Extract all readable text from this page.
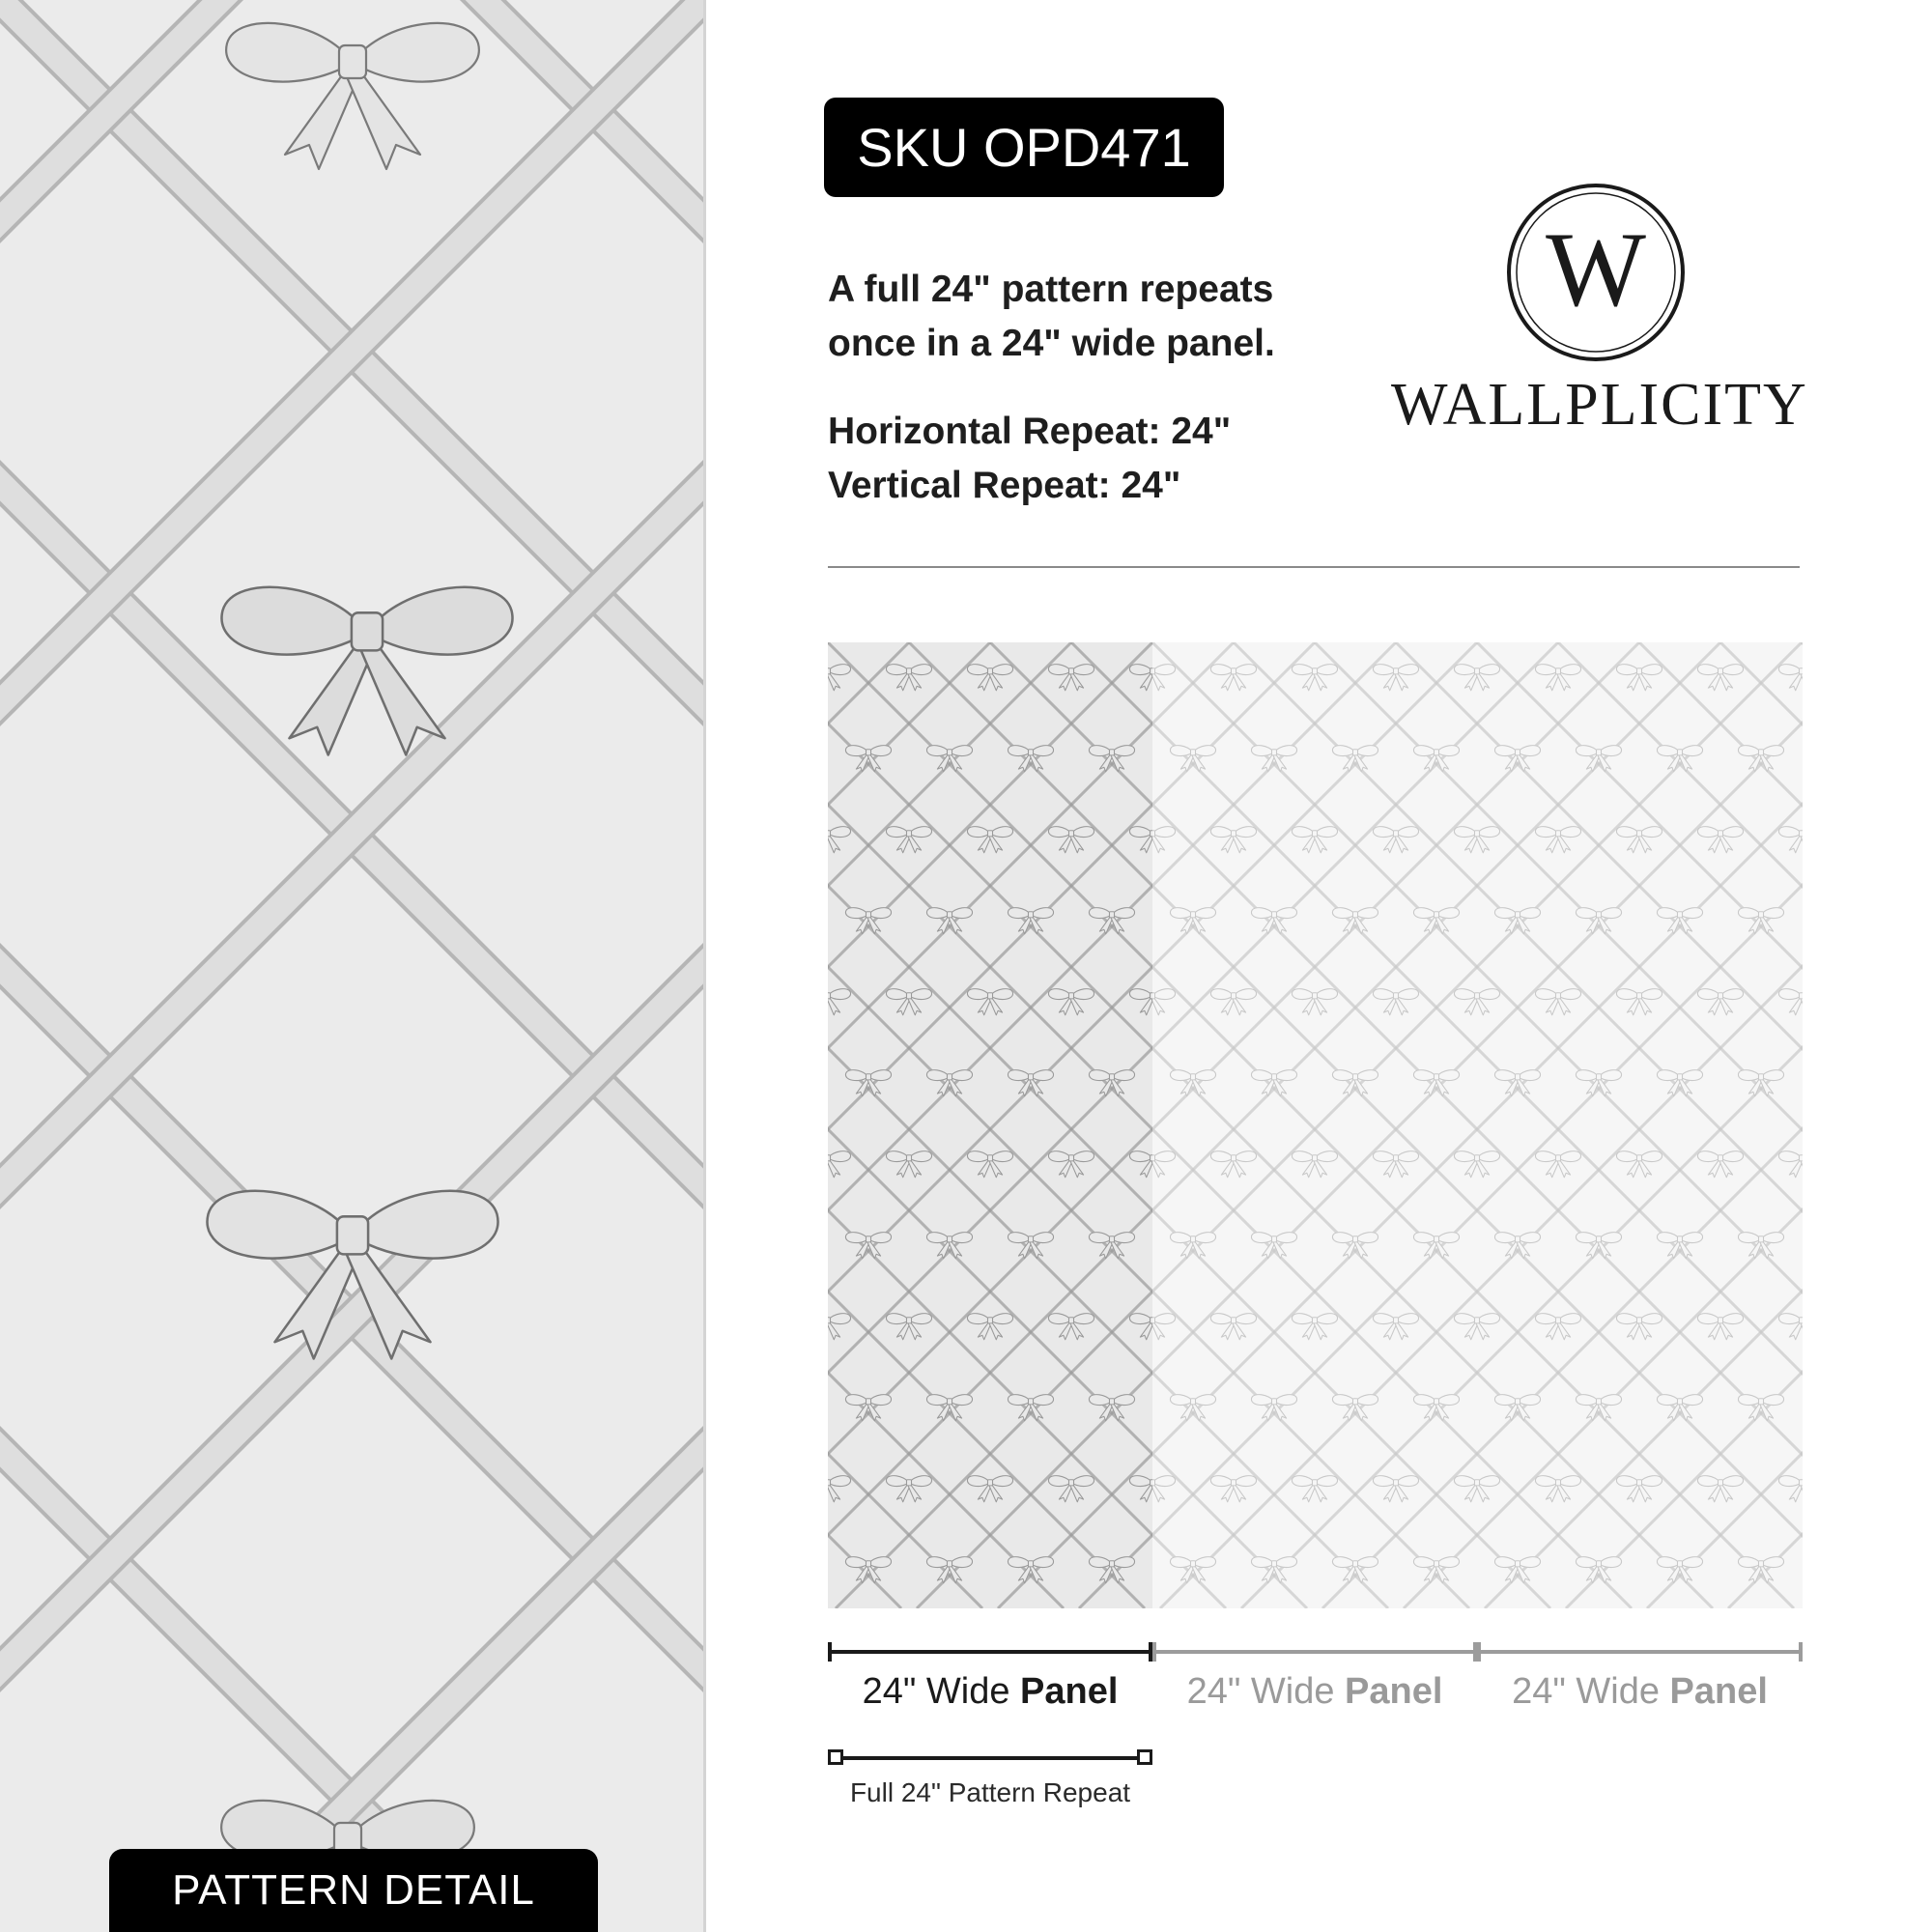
PATTERN DETAIL
SKU OPD471
A full 24" pattern repeats
once in a 24" wide panel.
Horizontal Repeat: 24"
Vertical Repeat: 24"
W
WALLPLICITY
24" Wide Panel	24" Wide Panel	24" Wide Panel
Full 24" Pattern Repeat
